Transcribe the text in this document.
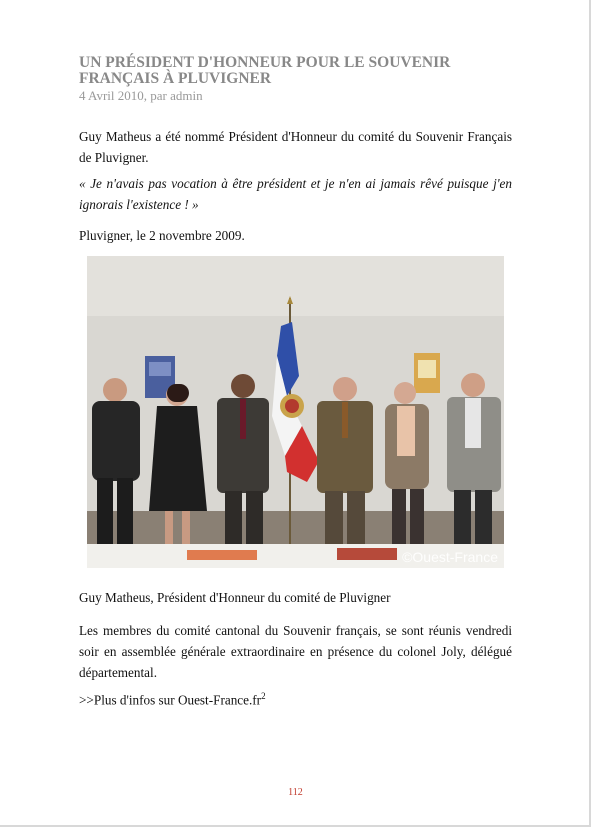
UN PRÉSIDENT D'HONNEUR POUR LE SOUVENIR FRANÇAIS À PLUVIGNER
4 Avril 2010, par admin

Guy Matheus a été nommé Président d'Honneur du comité du Souvenir Français de Pluvigner.

« Je n'avais pas vocation à être président et je n'en ai jamais rêvé puisque j'en ignorais l'existence ! »

Pluvigner, le 2 novembre 2009.

©Ouest-France
Guy Matheus, Président d'Honneur du comité de Pluvigner

Les membres du comité cantonal du Souvenir français, se sont réunis vendredi soir en assemblée générale extraordinaire en présence du colonel Joly, délégué départemental.

>>Plus d'infos sur Ouest-France.fr$^2$
112
